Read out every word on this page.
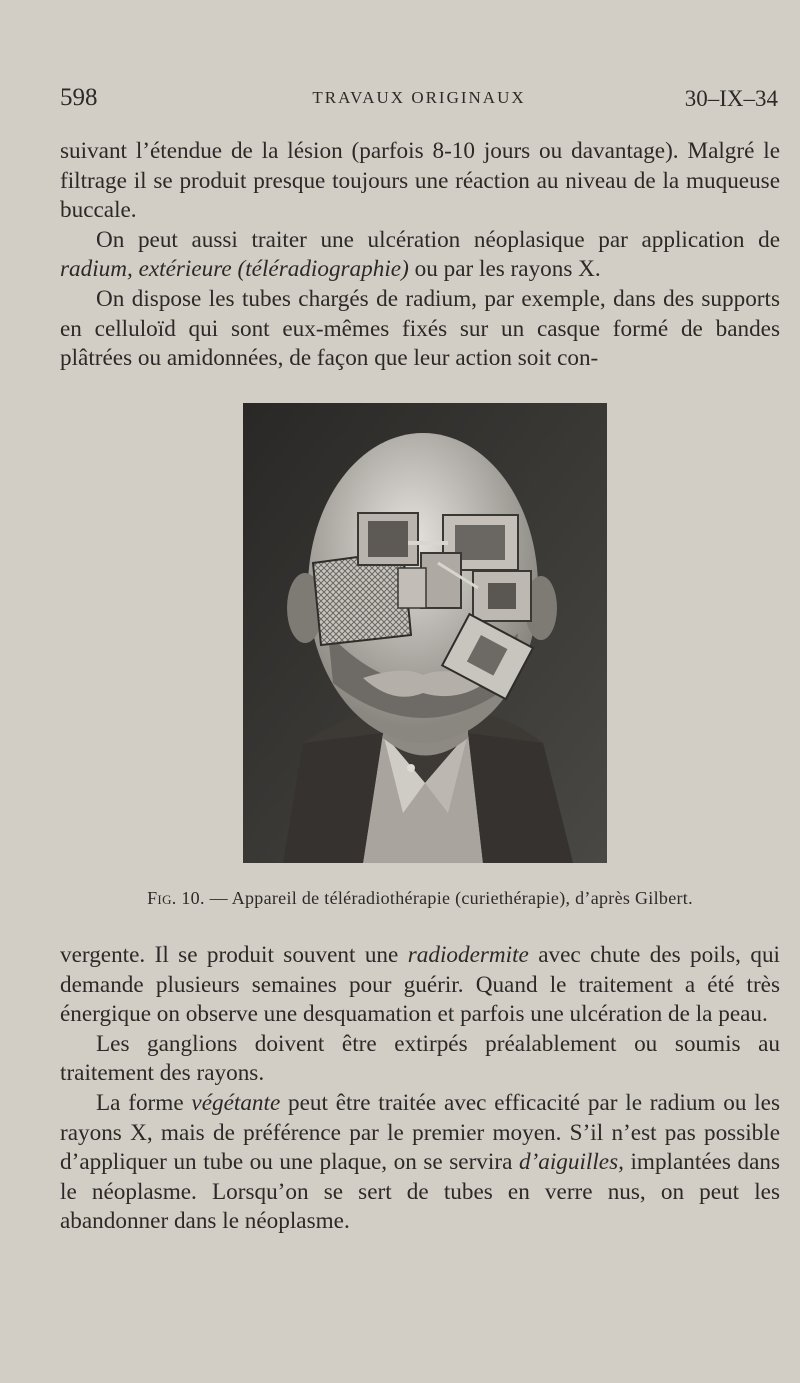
598	TRAVAUX ORIGINAUX	30–IX–34

suivant l’étendue de la lésion (parfois 8-10 jours ou davantage). Malgré le filtrage il se produit presque toujours une réaction au niveau de la muqueuse buccale.

On peut aussi traiter une ulcération néoplasique par application de radium, extérieure (téléradiographie) ou par les rayons X.

On dispose les tubes chargés de radium, par exemple, dans des supports en celluloïd qui sont eux-mêmes fixés sur un casque formé de bandes plâtrées ou amidonnées, de façon que leur action soit con-

Fig. 10. — Appareil de téléradiothérapie (curiethérapie), d’après Gilbert.

vergente. Il se produit souvent une radiodermite avec chute des poils, qui demande plusieurs semaines pour guérir. Quand le traitement a été très énergique on observe une desquamation et parfois une ulcération de la peau.

Les ganglions doivent être extirpés préalablement ou soumis au traitement des rayons.

La forme végétante peut être traitée avec efficacité par le radium ou les rayons X, mais de préférence par le premier moyen. S’il n’est pas possible d’appliquer un tube ou une plaque, on se servira d’aiguilles, implantées dans le néoplasme. Lorsqu’on se sert de tubes en verre nus, on peut les abandonner dans le néoplasme.
